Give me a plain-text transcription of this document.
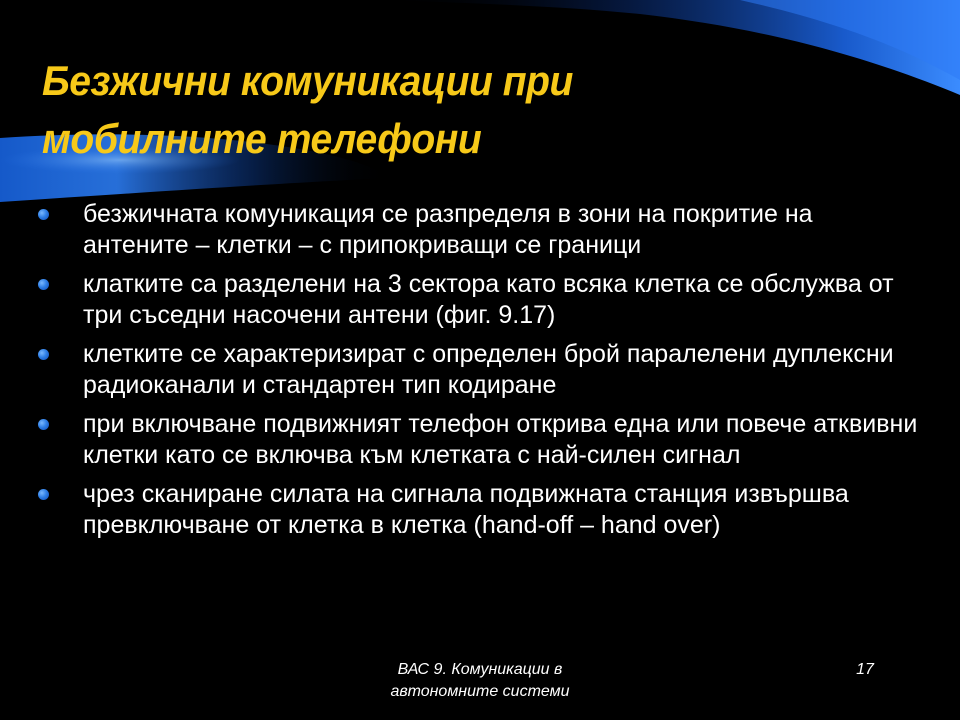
Безжични комуникации при
мобилните телефони
безжичната комуникация се разпределя в зони на покритие на антените – клетки – с припокриващи се граници
клатките са разделени на 3 сектора като всяка клетка се обслужва от три съседни насочени антени (фиг. 9.17)
клетките се характеризират с определен брой паралелени дуплексни радиоканали и стандартен тип кодиране
при включване подвижният телефон открива една или повече атквивни клетки като се включва към клетката с най-силен сигнал
чрез сканиране силата на сигнала подвижната станция извършва превключване от клетка в клетка (hand-off – hand over)
ВАС 9. Комуникации в автономните системи
17
